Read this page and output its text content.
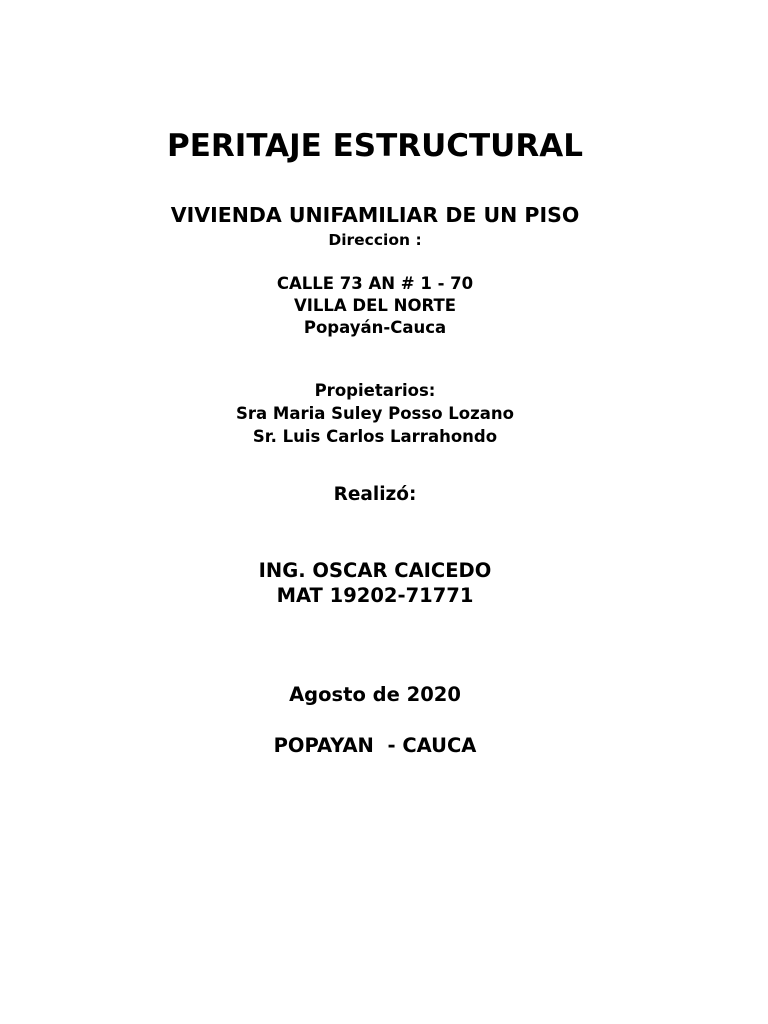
PERITAJE ESTRUCTURAL
VIVIENDA UNIFAMILIAR DE UN PISO
Direccion :
CALLE 73 AN # 1 - 70
VILLA DEL NORTE
Popayán-Cauca
Propietarios:
Sra Maria Suley Posso Lozano
Sr. Luis Carlos Larrahondo
Realizó:
ING. OSCAR CAICEDO
MAT 19202-71771
Agosto de 2020
POPAYAN  - CAUCA
